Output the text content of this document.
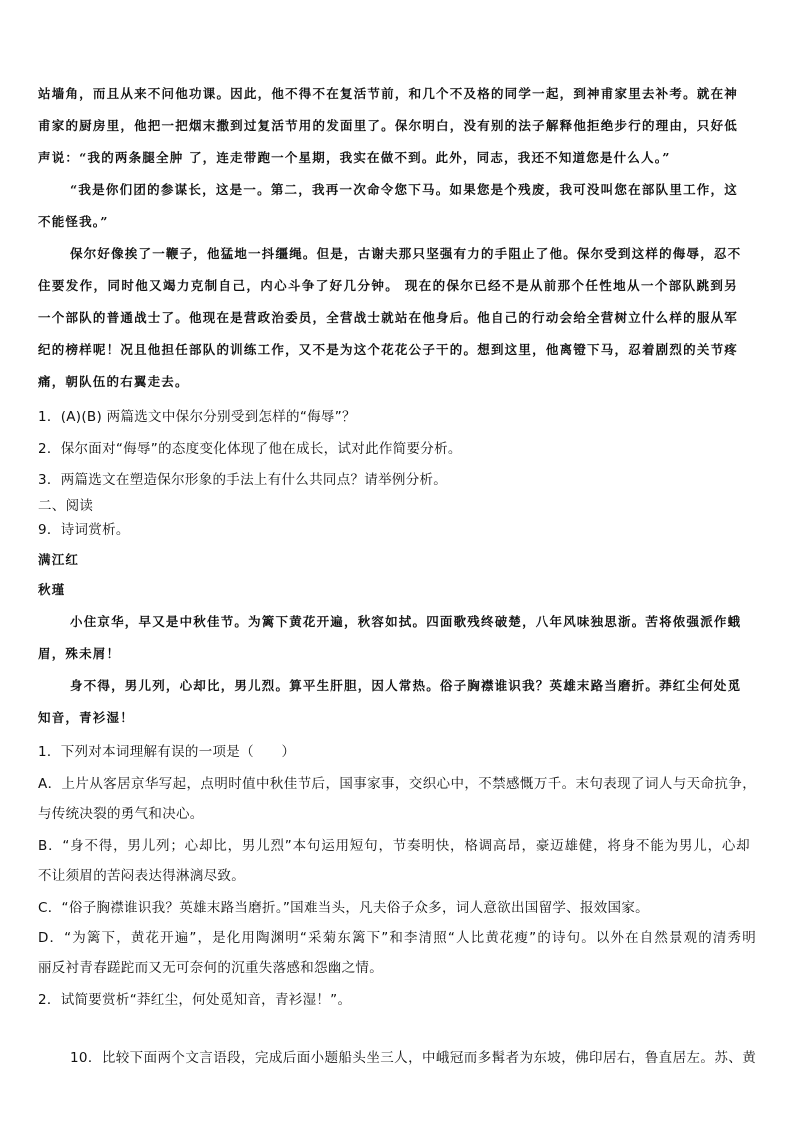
站墙角，而且从来不问他功课。因此，他不得不在复活节前，和几个不及格的同学一起，到神甫家里去补考。就在神
甫家的厨房里，他把一把烟末撒到过复活节用的发面里了。保尔明白，没有别的法子解释他拒绝步行的理由，只好低
声说：“我的两条腿全肿 了，连走带跑一个星期，我实在做不到。此外，同志，我还不知道您是什么人。”
“我是你们团的参谋长，这是一。第二，我再一次命令您下马。如果您是个残废，我可没叫您在部队里工作，这
不能怪我。”
保尔好像挨了一鞭子，他猛地一抖缰绳。但是，古谢夫那只坚强有力的手阻止了他。保尔受到这样的侮辱，忍不
住要发作，同时他又竭力克制自己，内心斗争了好几分钟。 现在的保尔已经不是从前那个任性地从一个部队跳到另
一个部队的普通战士了。他现在是营政治委员，全营战士就站在他身后。他自己的行动会给全营树立什么样的服从军
纪的榜样呢！况且他担任部队的训练工作，又不是为这个花花公子干的。想到这里，他离镫下马，忍着剧烈的关节疼
痛，朝队伍的右翼走去。
1．(A)(B) 两篇选文中保尔分别受到怎样的“侮辱”？
2．保尔面对“侮辱”的态度变化体现了他在成长，试对此作简要分析。
3．两篇选文在塑造保尔形象的手法上有什么共同点？请举例分析。
二、阅读
9．诗词赏析。
满江红
秋瑾
小住京华，早又是中秋佳节。为篱下黄花开遍，秋容如拭。四面歌残终破楚，八年风味独思浙。苦将侬强派作蛾
眉，殊未屑！
身不得，男儿列，心却比，男儿烈。算平生肝胆，因人常热。俗子胸襟谁识我？英雄末路当磨折。莽红尘何处觅
知音，青衫湿！
1．下列对本词理解有误的一项是（　　）
A．上片从客居京华写起，点明时值中秋佳节后，国事家事，交织心中，不禁感慨万千。末句表现了词人与天命抗争，
与传统决裂的勇气和决心。
B．“身不得，男儿列；心却比，男儿烈”本句运用短句，节奏明快，格调高昂，豪迈雄健，将身不能为男儿，心却
不让须眉的苦闷表达得淋漓尽致。
C．“俗子胸襟谁识我？英雄末路当磨折。”国难当头，凡夫俗子众多，词人意欲出国留学、报效国家。
D．“为篱下，黄花开遍”，是化用陶渊明“采菊东篱下”和李清照“人比黄花瘦”的诗句。以外在自然景观的清秀明
丽反衬青春蹉跎而又无可奈何的沉重失落感和怨幽之情。
2．试简要赏析“莽红尘，何处觅知音，青衫湿！”。
10．比较下面两个文言语段，完成后面小题船头坐三人，中峨冠而多髯者为东坡，佛印居右，鲁直居左。苏、黄
